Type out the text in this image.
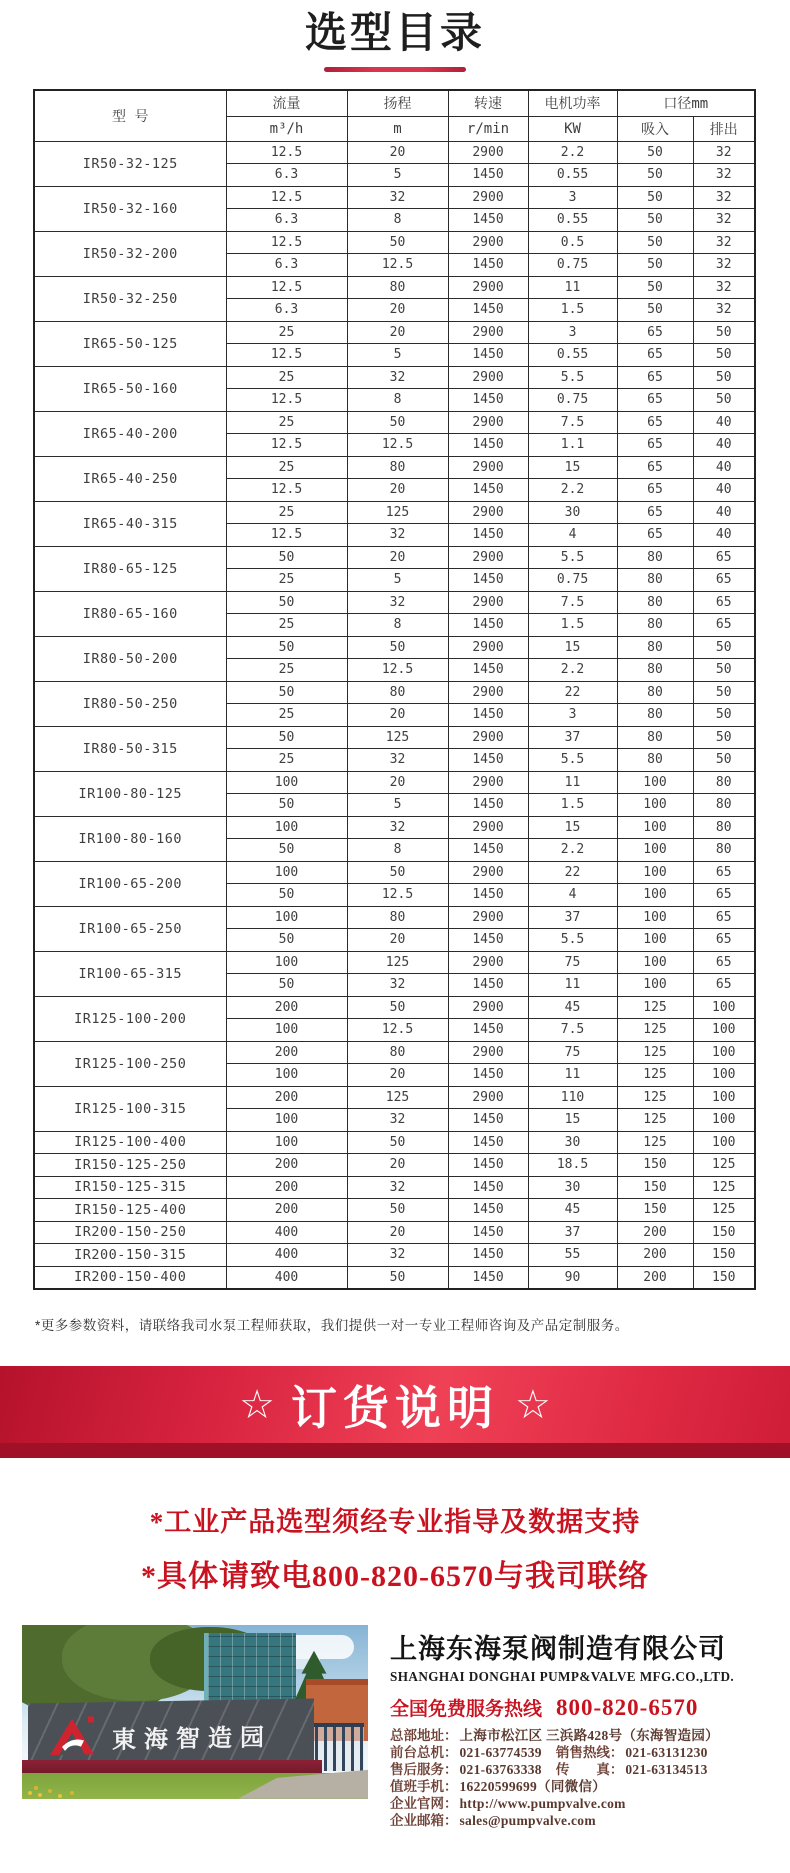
选型目录
型 号	流量	扬程	转速	电机功率	口径mm	
	m³/h	m	r/min	KW	吸入	排出
IR50-32-125	12.5	20	2900	2.2	50	32
	6.3	5	1450	0.55	50	32
IR50-32-160	12.5	32	2900	3	50	32
	6.3	8	1450	0.55	50	32
IR50-32-200	12.5	50	2900	0.5	50	32
	6.3	12.5	1450	0.75	50	32
IR50-32-250	12.5	80	2900	11	50	32
	6.3	20	1450	1.5	50	32
IR65-50-125	25	20	2900	3	65	50
	12.5	5	1450	0.55	65	50
IR65-50-160	25	32	2900	5.5	65	50
	12.5	8	1450	0.75	65	50
IR65-40-200	25	50	2900	7.5	65	40
	12.5	12.5	1450	1.1	65	40
IR65-40-250	25	80	2900	15	65	40
	12.5	20	1450	2.2	65	40
IR65-40-315	25	125	2900	30	65	40
	12.5	32	1450	4	65	40
IR80-65-125	50	20	2900	5.5	80	65
	25	5	1450	0.75	80	65
IR80-65-160	50	32	2900	7.5	80	65
	25	8	1450	1.5	80	65
IR80-50-200	50	50	2900	15	80	50
	25	12.5	1450	2.2	80	50
IR80-50-250	50	80	2900	22	80	50
	25	20	1450	3	80	50
IR80-50-315	50	125	2900	37	80	50
	25	32	1450	5.5	80	50
IR100-80-125	100	20	2900	11	100	80
	50	5	1450	1.5	100	80
IR100-80-160	100	32	2900	15	100	80
	50	8	1450	2.2	100	80
IR100-65-200	100	50	2900	22	100	65
	50	12.5	1450	4	100	65
IR100-65-250	100	80	2900	37	100	65
	50	20	1450	5.5	100	65
IR100-65-315	100	125	2900	75	100	65
	50	32	1450	11	100	65
IR125-100-200	200	50	2900	45	125	100
	100	12.5	1450	7.5	125	100
IR125-100-250	200	80	2900	75	125	100
	100	20	1450	11	125	100
IR125-100-315	200	125	2900	110	125	100
	100	32	1450	15	125	100
IR125-100-400	100	50	1450	30	125	100
IR150-125-250	200	20	1450	18.5	150	125
IR150-125-315	200	32	1450	30	150	125
IR150-125-400	200	50	1450	45	150	125
IR200-150-250	400	20	1450	37	200	150
IR200-150-315	400	32	1450	55	200	150
IR200-150-400	400	50	1450	90	200	150
*更多参数资料，请联络我司水泵工程师获取，我们提供一对一专业工程师咨询及产品定制服务。
☆ 订货说明 ☆
*工业产品选型须经专业指导及数据支持
*具体请致电800-820-6570与我司联络
東海智造园
上海东海泵阀制造有限公司
SHANGHAI DONGHAI PUMP&VALVE MFG.CO.,LTD.
全国免费服务热线 800-820-6570
总部地址： 上海市松江区 三浜路428号（东海智造园）
前台总机： 021-63774539 销售热线： 021-63131230
售后服务： 021-63763338 传　　真： 021-63134513
值班手机： 16220599699（同微信）
企业官网： http://www.pumpvalve.com
企业邮箱： sales@pumpvalve.com
